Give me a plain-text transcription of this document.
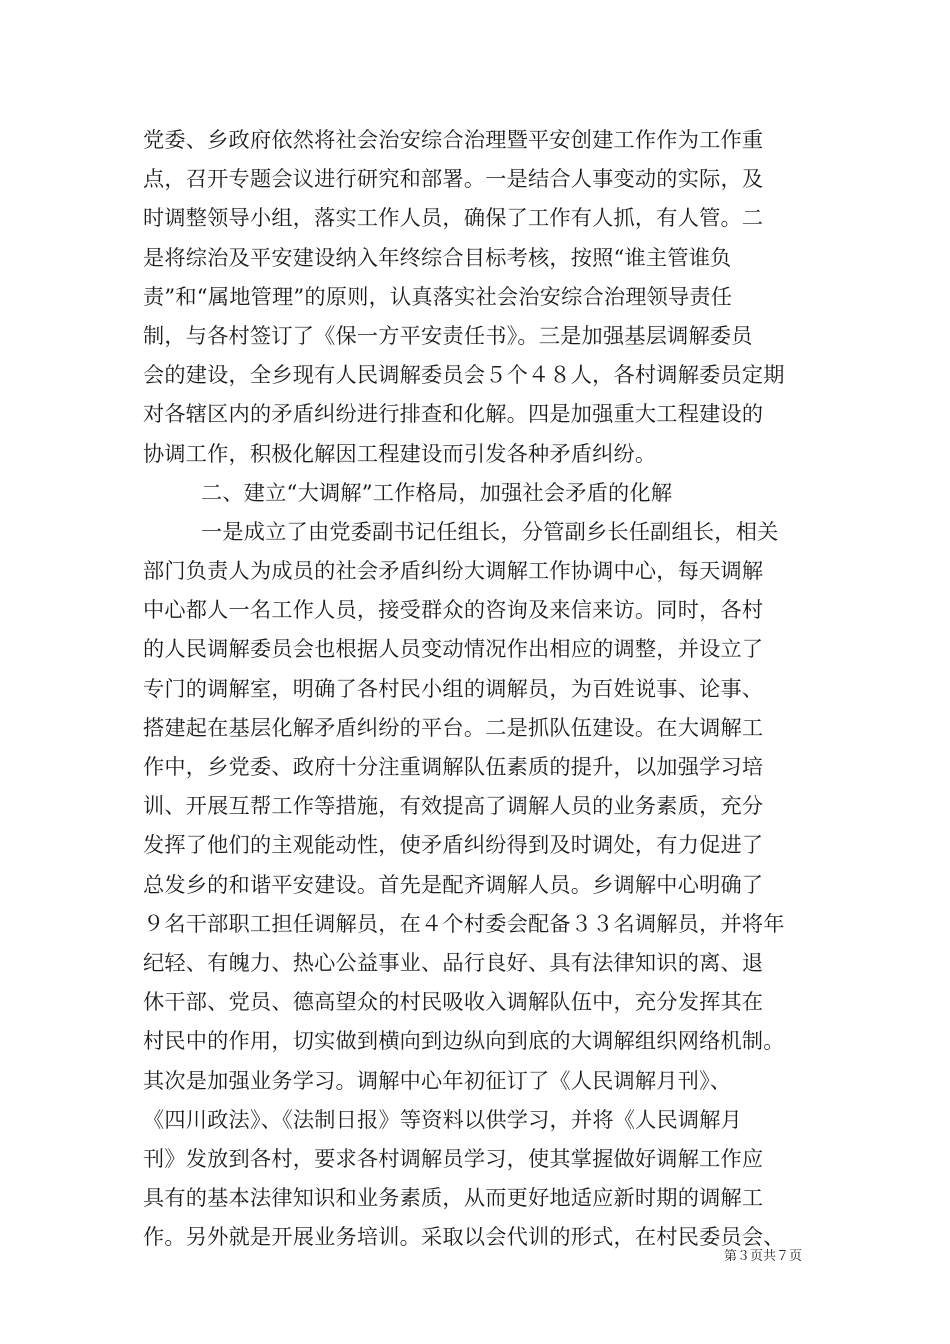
党委、乡政府依然将社会治安综合治理暨平安创建工作作为工作重
点，召开专题会议进行研究和部署。一是结合人事变动的实际，及
时调整领导小组，落实工作人员，确保了工作有人抓，有人管。二
是将综治及平安建设纳入年终综合目标考核，按照“谁主管谁负
责”和“属地管理”的原则，认真落实社会治安综合治理领导责任
制，与各村签订了《保一方平安责任书》。三是加强基层调解委员
会的建设，全乡现有人民调解委员会５个４８人，各村调解委员定期
对各辖区内的矛盾纠纷进行排查和化解。四是加强重大工程建设的
协调工作，积极化解因工程建设而引发各种矛盾纠纷。
二、建立“大调解”工作格局，加强社会矛盾的化解
一是成立了由党委副书记任组长，分管副乡长任副组长，相关
部门负责人为成员的社会矛盾纠纷大调解工作协调中心，每天调解
中心都人一名工作人员，接受群众的咨询及来信来访。同时，各村
的人民调解委员会也根据人员变动情况作出相应的调整，并设立了
专门的调解室，明确了各村民小组的调解员，为百姓说事、论事、
搭建起在基层化解矛盾纠纷的平台。二是抓队伍建设。在大调解工
作中，乡党委、政府十分注重调解队伍素质的提升，以加强学习培
训、开展互帮工作等措施，有效提高了调解人员的业务素质，充分
发挥了他们的主观能动性，使矛盾纠纷得到及时调处，有力促进了
总发乡的和谐平安建设。首先是配齐调解人员。乡调解中心明确了
９名干部职工担任调解员，在４个村委会配备３３名调解员，并将年
纪轻、有魄力、热心公益事业、品行良好、具有法律知识的离、退
休干部、党员、德高望众的村民吸收入调解队伍中，充分发挥其在
村民中的作用，切实做到横向到边纵向到底的大调解组织网络机制。
其次是加强业务学习。调解中心年初征订了《人民调解月刊》、
《四川政法》、《法制日报》等资料以供学习，并将《人民调解月
刊》发放到各村，要求各村调解员学习，使其掌握做好调解工作应
具有的基本法律知识和业务素质，从而更好地适应新时期的调解工
作。另外就是开展业务培训。采取以会代训的形式，在村民委员会、
第３页共７页
